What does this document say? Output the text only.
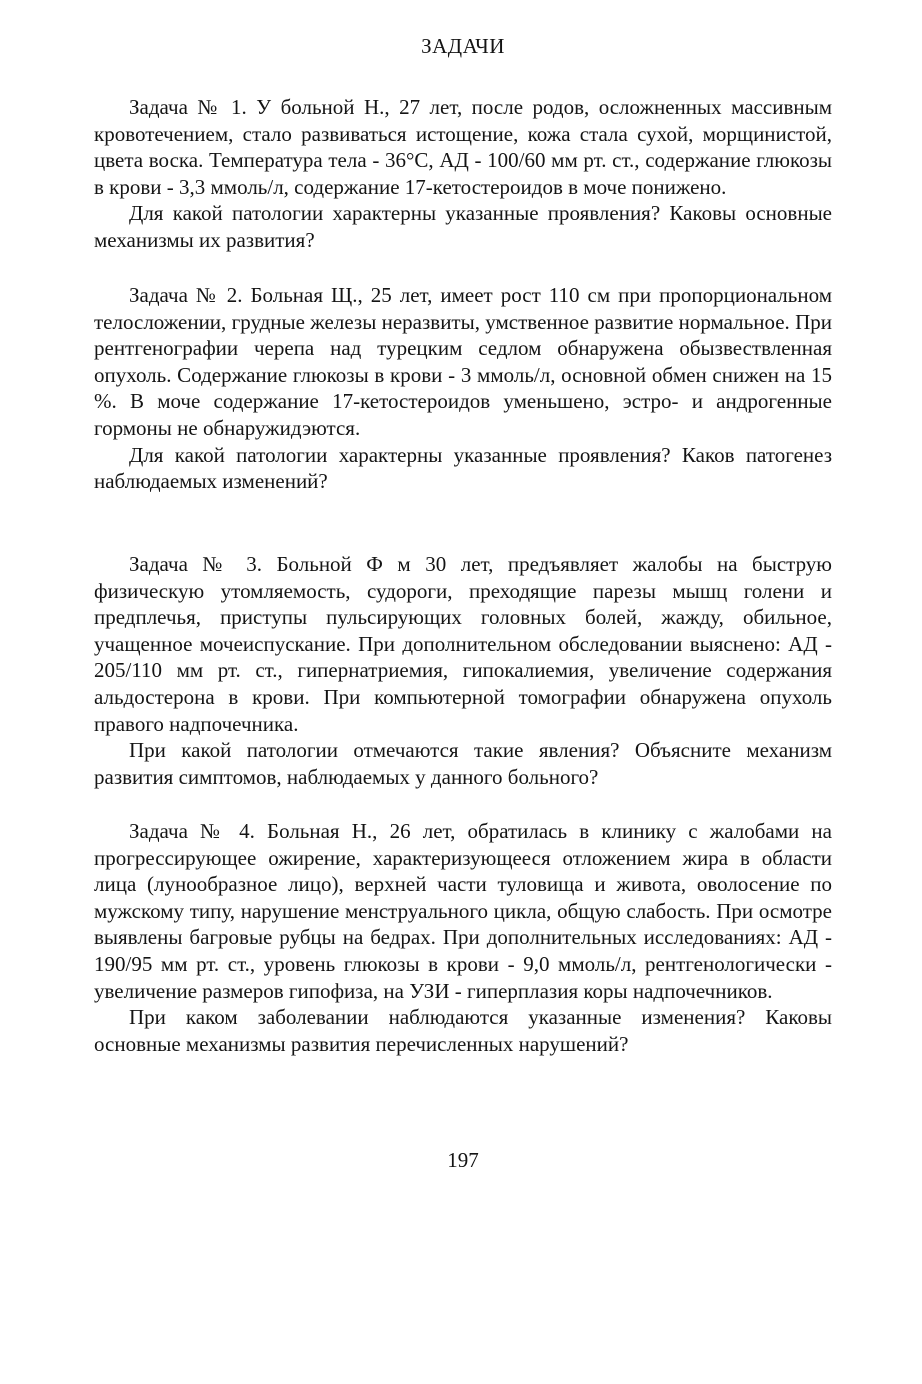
ЗАДАЧИ

Задача № 1. У больной Н., 27 лет, после родов, осложненных массивным кровотечением, стало развиваться истощение, кожа стала сухой, морщинистой, цвета воска. Температура тела - 36°С, АД - 100/60 мм рт. ст., содержание глюкозы в крови - 3,3 ммоль/л, содержание 17-кетостероидов в моче понижено.

Для какой патологии характерны указанные проявления? Каковы основные механизмы их развития?

Задача № 2. Больная Щ., 25 лет, имеет рост 110 см при пропорциональном телосложении, грудные железы неразвиты, умственное развитие нормальное. При рентгенографии черепа над турецким седлом обнаружена обызвествленная опухоль. Содержание глюкозы в крови - 3 ммоль/л, основной обмен снижен на 15 %. В моче содержание 17-кетостероидов уменьшено, эстро- и андрогенные гормоны не обнаружидэются.

Для какой патологии характерны указанные проявления? Каков патогенез наблюдаемых изменений?

Задача № 3. Больной Ф м 30 лет, предъявляет жалобы на быструю физическую утомляемость, судороги, преходящие парезы мышц голени и предплечья, приступы пульсирующих головных болей, жажду, обильное, учащенное мочеиспускание. При дополнительном обследовании выяснено: АД - 205/110 мм рт. ст., гипернатриемия, гипокалиемия, увеличение содержания альдостерона в крови. При компьютерной томографии обнаружена опухоль правого надпочечника.

При какой патологии отмечаются такие явления? Объясните механизм развития симптомов, наблюдаемых у данного больного?

Задача № 4. Больная Н., 26 лет, обратилась в клинику с жалобами на прогрессирующее ожирение, характеризующееся отложением жира в области лица (лунообразное лицо), верхней части туловища и живота, оволосение по мужскому типу, нарушение менструального цикла, общую слабость. При осмотре выявлены багровые рубцы на бедрах. При дополнительных исследованиях: АД - 190/95 мм рт. ст., уровень глюкозы в крови - 9,0 ммоль/л, рентгенологически - увеличение размеров гипофиза, на УЗИ - гиперплазия коры надпочечников.

При каком заболевании наблюдаются указанные изменения? Каковы основные механизмы развития перечисленных нарушений?

197
